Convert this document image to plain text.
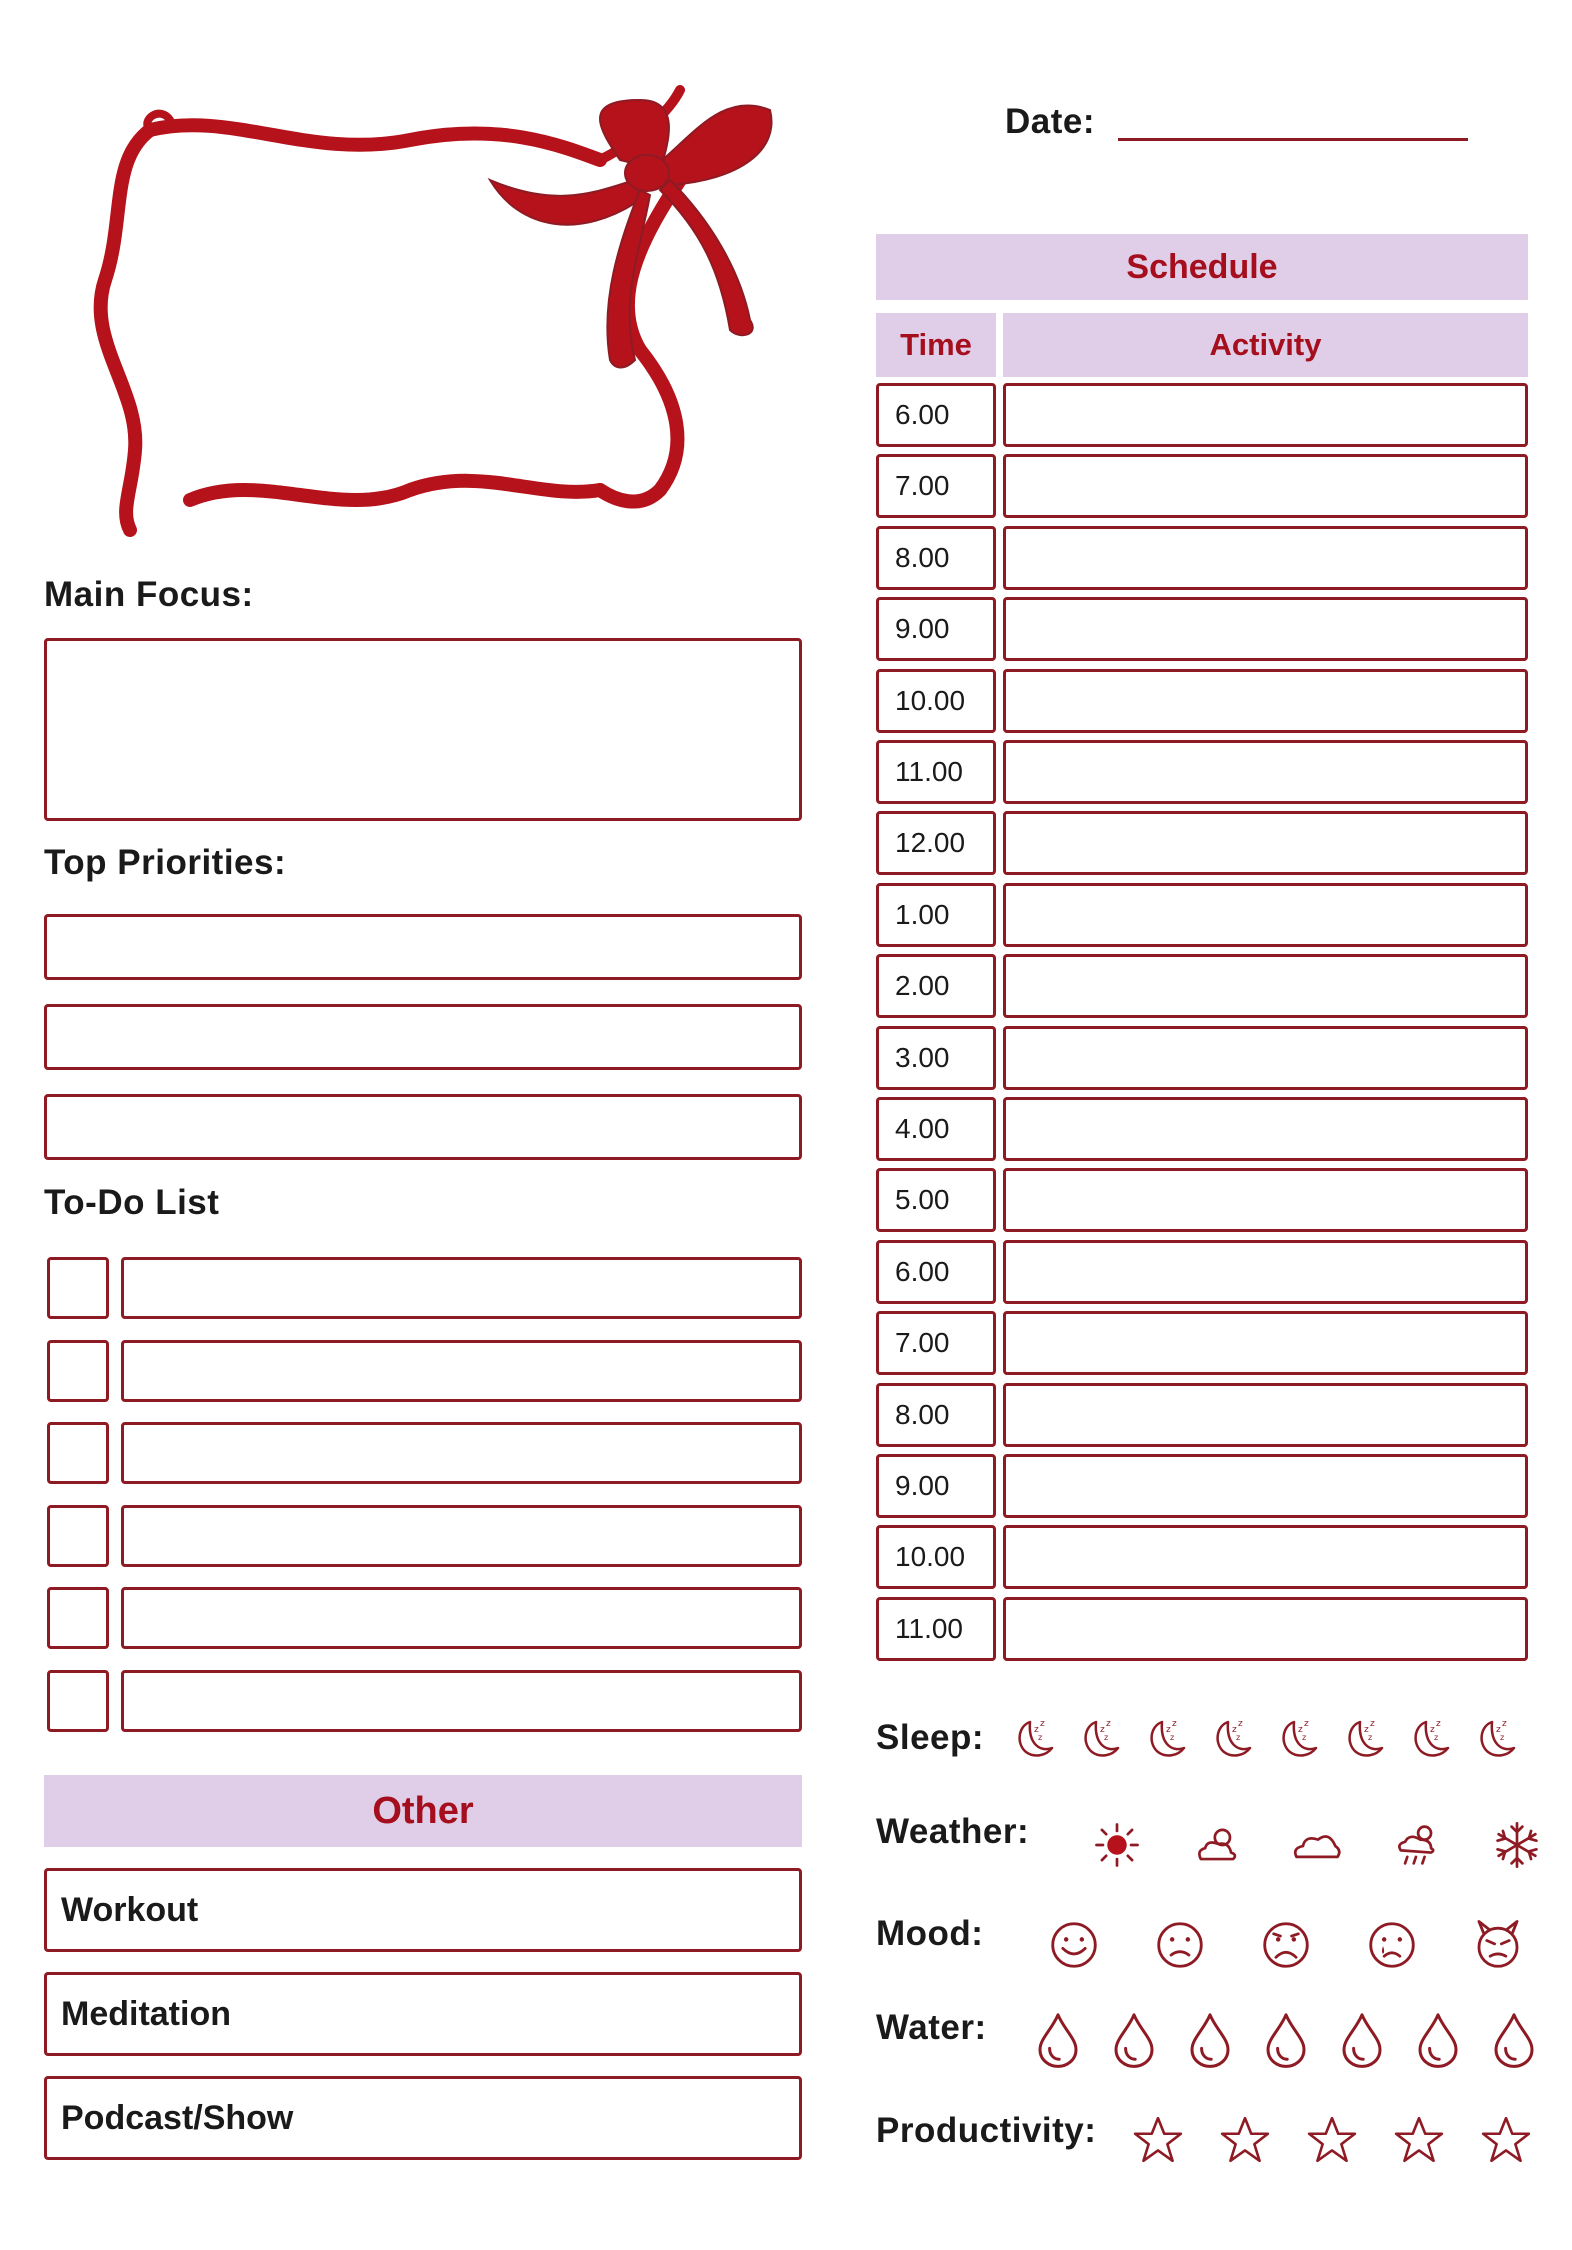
Date:
Main Focus:
Top Priorities:
To-Do List
Other
Workout
Meditation
Podcast/Show
Schedule
Time	Activity
6.00
7.00
8.00
9.00
10.00
11.00
12.00
1.00
2.00
3.00
4.00
5.00
6.00
7.00
8.00
9.00
10.00
11.00
Sleep:
Weather:
Mood:
Water:
Productivity:
z
z
z
z
z
z
z
z
z
z
z
z
z
z
z
z
z
z
z
z
z
z
z
z
